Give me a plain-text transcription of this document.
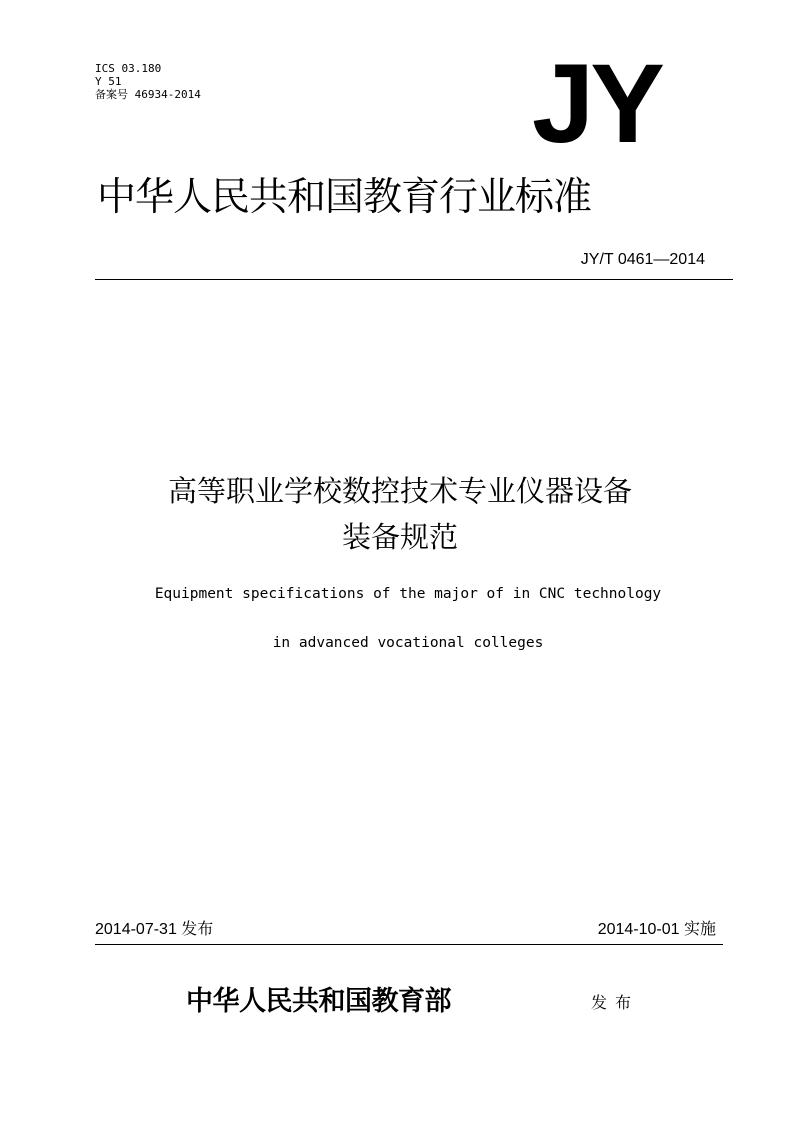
ICS 03.180
Y 51
备案号 46934-2014	JY
中华人民共和国教育行业标准
JY/T 0461—2014
高等职业学校数控技术专业仪器设备
装备规范
Equipment specifications of the major of in CNC technology
in advanced vocational colleges
2014-07-31 发布	2014-10-01 实施
中华人民共和国教育部	发布
